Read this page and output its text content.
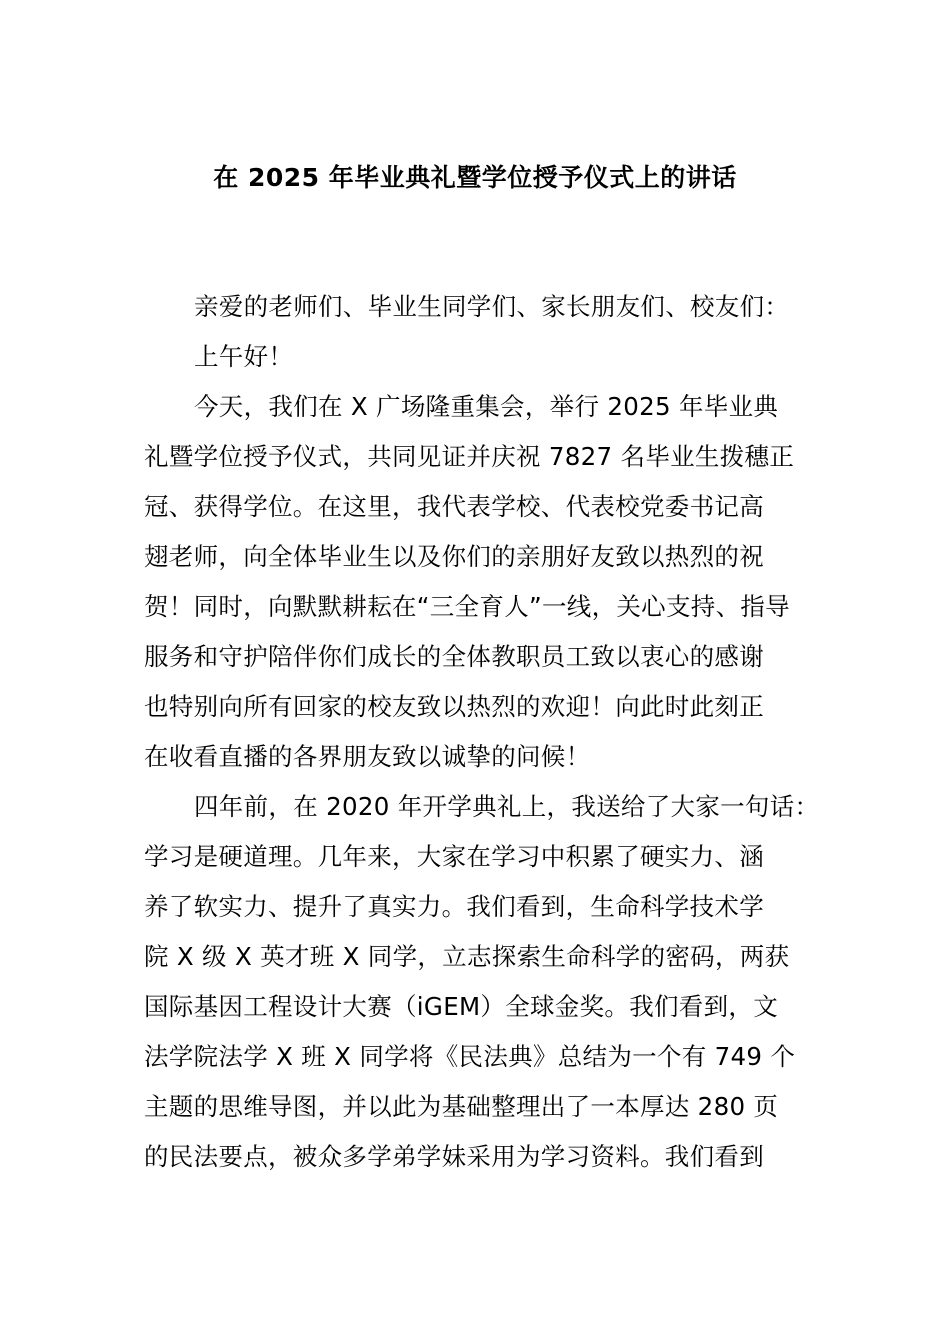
在 2025 年毕业典礼暨学位授予仪式上的讲话
亲爱的老师们、毕业生同学们、家长朋友们、校友们：
上午好！
今天，我们在 X 广场隆重集会，举行 2025 年毕业典
礼暨学位授予仪式，共同见证并庆祝 7827 名毕业生拨穗正
冠、获得学位。在这里，我代表学校、代表校党委书记高
翅老师，向全体毕业生以及你们的亲朋好友致以热烈的祝
贺！同时，向默默耕耘在“三全育人”一线，关心支持、指导
服务和守护陪伴你们成长的全体教职员工致以衷心的感谢
也特别向所有回家的校友致以热烈的欢迎！向此时此刻正
在收看直播的各界朋友致以诚挚的问候！
四年前，在 2020 年开学典礼上，我送给了大家一句话：
学习是硬道理。几年来，大家在学习中积累了硬实力、涵
养了软实力、提升了真实力。我们看到，生命科学技术学
院 X 级 X 英才班 X 同学，立志探索生命科学的密码，两获
国际基因工程设计大赛（iGEM）全球金奖。我们看到，文
法学院法学 X 班 X 同学将《民法典》总结为一个有 749 个
主题的思维导图，并以此为基础整理出了一本厚达 280 页
的民法要点，被众多学弟学妹采用为学习资料。我们看到
